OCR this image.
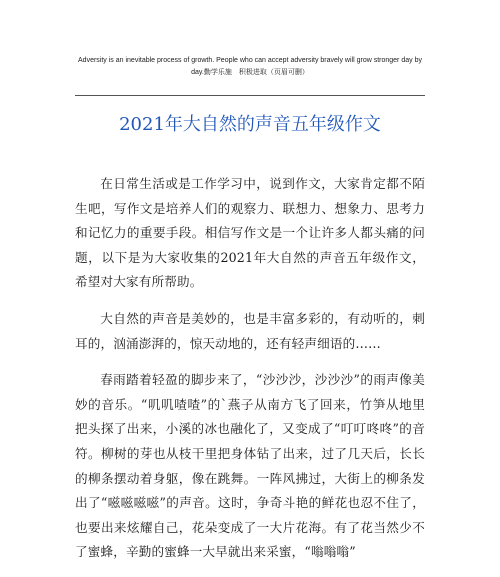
Adversity is an inevitable process of growth. People who can accept adversity bravely will grow stronger day by
day.勤学乐施　积极进取（页眉可删）
2021年大自然的声音五年级作文

在日常生活或是工作学习中，说到作文，大家肯定都不陌生吧，写作文是培养人们的观察力、联想力、想象力、思考力和记忆力的重要手段。相信写作文是一个让许多人都头痛的问题，以下是为大家收集的2021年大自然的声音五年级作文，希望对大家有所帮助。

大自然的声音是美妙的，也是丰富多彩的，有动听的，刺耳的，汹涌澎湃的，惊天动地的，还有轻声细语的……

春雨踏着轻盈的脚步来了，“沙沙沙，沙沙沙”的雨声像美妙的音乐。“叽叽喳喳”的`燕子从南方飞了回来，竹笋从地里把头探了出来，小溪的冰也融化了，又变成了“叮叮咚咚”的音符。柳树的芽也从枝干里把身体钻了出来，过了几天后，长长的柳条摆动着身躯，像在跳舞。一阵风拂过，大街上的柳条发出了“嗞嗞嗞嗞”的声音。这时，争奇斗艳的鲜花也忍不住了，也要出来炫耀自己，花朵变成了一大片花海。有了花当然少不了蜜蜂，辛勤的蜜蜂一大早就出来采蜜，“嗡嗡嗡”
